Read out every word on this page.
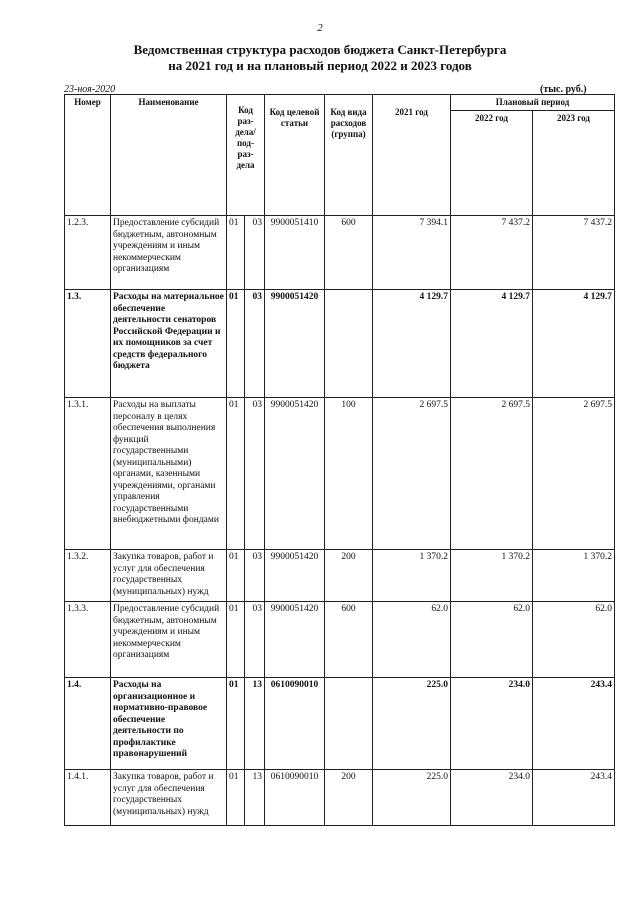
2
Ведомственная структура расходов бюджета Санкт-Петербурга
на 2021 год и на плановый период 2022 и 2023 годов
23-ноя-2020	(тыс. руб.)
Номер	Наименование	Код раз- дела/ под- раз- дела		Код целевой статьи	Код вида расходов (группа)	2021 год	Плановый период	
							2022 год	2023 год
1.2.3.	Предоставление субсидий бюджетным, автономным учреждениям и иным некоммерческим организациям	01	03	9900051410	600	7 394.1	7 437.2	7 437.2
1.3.	Расходы на материальное обеспечение деятельности сенаторов Российской Федерации и их помощников за счет средств федерального бюджета	01	03	9900051420		4 129.7	4 129.7	4 129.7
1.3.1.	Расходы на выплаты персоналу в целях обеспечения выполнения функций государственными (муниципальными) органами, казенными учреждениями, органами управления государственными внебюджетными фондами	01	03	9900051420	100	2 697.5	2 697.5	2 697.5
1.3.2.	Закупка товаров, работ и услуг для обеспечения государственных (муниципальных) нужд	01	03	9900051420	200	1 370.2	1 370.2	1 370.2
1.3.3.	Предоставление субсидий бюджетным, автономным учреждениям и иным некоммерческим организациям	01	03	9900051420	600	62.0	62.0	62.0
1.4.	Расходы на организационное и нормативно-правовое обеспечение деятельности по профилактике правонарушений	01	13	0610090010		225.0	234.0	243.4
1.4.1.	Закупка товаров, работ и услуг для обеспечения государственных (муниципальных) нужд	01	13	0610090010	200	225.0	234.0	243.4
